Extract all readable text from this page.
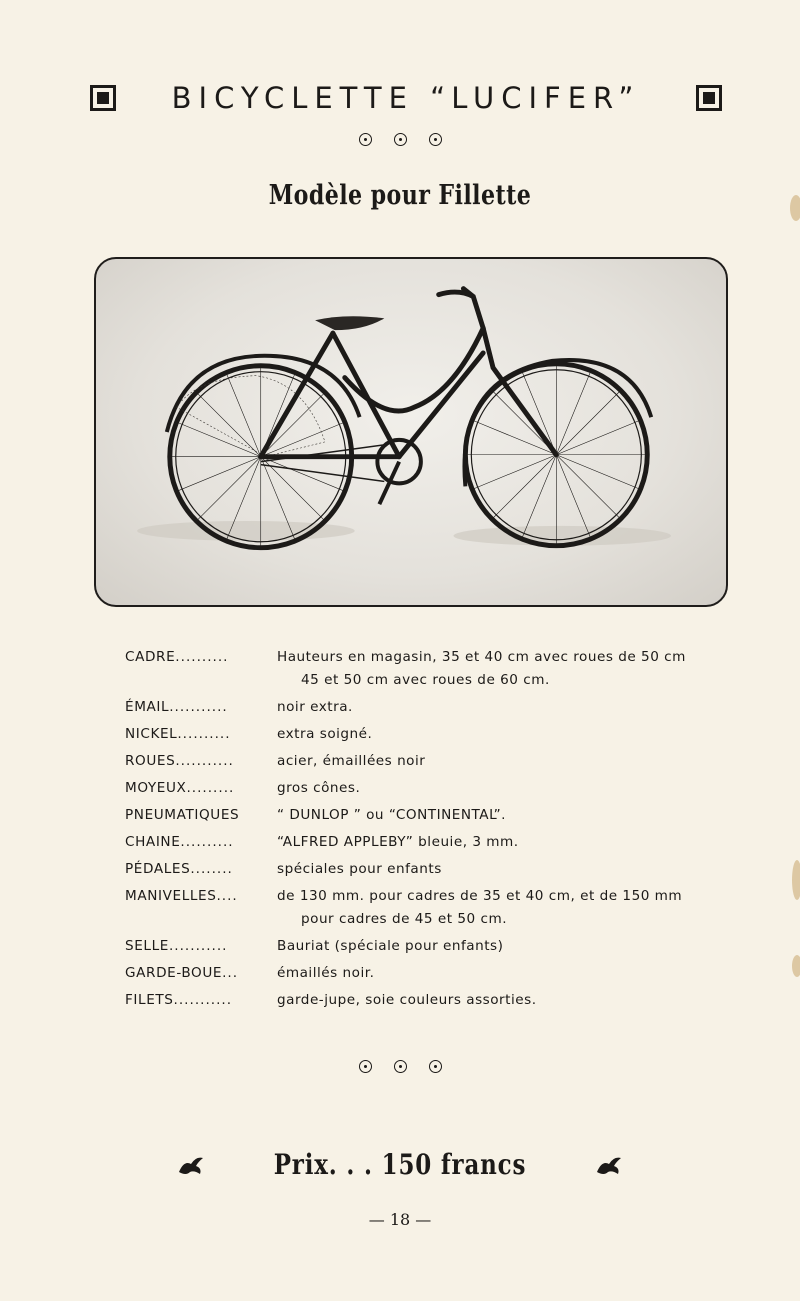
BICYCLETTE “LUCIFER”
Modèle pour Fillette
CADRE..........	Hauteurs en magasin, 35 et 40 cm avec roues de 50 cm
45 et 50 cm avec roues de 60 cm.
ÉMAIL...........	noir extra.
NICKEL..........	extra soigné.
ROUES...........	acier, émaillées noir
MOYEUX.........	gros cônes.
PNEUMATIQUES	“ DUNLOP ” ou “CONTINENTAL”.
CHAINE..........	“ALFRED APPLEBY” bleuie, 3 mm.
PÉDALES........	spéciales pour enfants
MANIVELLES....	de 130 mm. pour cadres de 35 et 40 cm, et de 150 mm
pour cadres de 45 et 50 cm.
SELLE...........	Bauriat (spéciale pour enfants)
GARDE-BOUE...	émaillés noir.
FILETS...........	garde-jupe, soie couleurs assorties.
Prix. . . 150 francs
— 18 —
